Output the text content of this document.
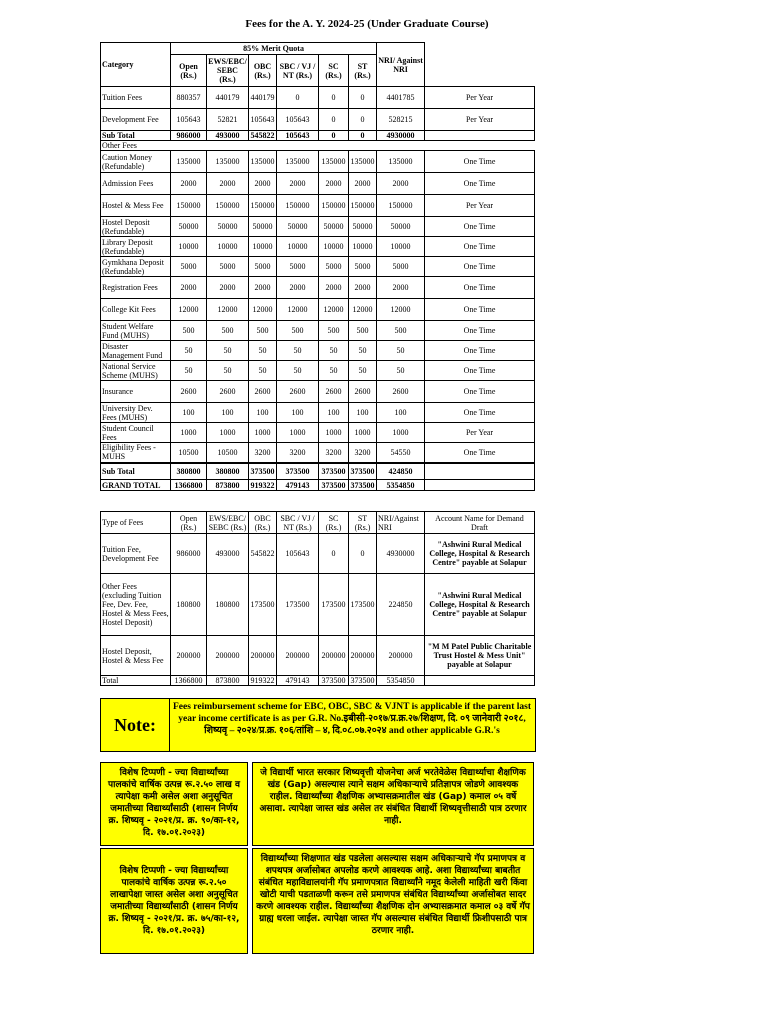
Fees for the A. Y. 2024-25 (Under Graduate Course)
Category	85% Merit Quota						NRI/ Against NRI	
	Open (Rs.)	EWS/EBC/ SEBC (Rs.)	OBC (Rs.)	SBC / VJ / NT (Rs.)	SC (Rs.)	ST (Rs.)		
Tuition Fees	880357	440179	440179	0	0	0	4401785	Per Year
Development Fee	105643	52821	105643	105643	0	0	528215	Per Year
Sub Total	986000	493000	545822	105643	0	0	4930000	
Other Fees								
Caution Money (Refundable)	135000	135000	135000	135000	135000	135000	135000	One Time
Admission Fees	2000	2000	2000	2000	2000	2000	2000	One Time
Hostel & Mess Fee	150000	150000	150000	150000	150000	150000	150000	Per Year
Hostel Deposit (Refundable)	50000	50000	50000	50000	50000	50000	50000	One Time
Library Deposit (Refundable)	10000	10000	10000	10000	10000	10000	10000	One Time
Gymkhana Deposit (Refundable)	5000	5000	5000	5000	5000	5000	5000	One Time
Registration Fees	2000	2000	2000	2000	2000	2000	2000	One Time
College Kit Fees	12000	12000	12000	12000	12000	12000	12000	One Time
Student Welfare Fund (MUHS)	500	500	500	500	500	500	500	One Time
Disaster Management Fund	50	50	50	50	50	50	50	One Time
National Service Scheme (MUHS)	50	50	50	50	50	50	50	One Time
Insurance	2600	2600	2600	2600	2600	2600	2600	One Time
University Dev. Fees (MUHS)	100	100	100	100	100	100	100	One Time
Student Council Fees	1000	1000	1000	1000	1000	1000	1000	Per Year
Eligibility Fees - MUHS	10500	10500	3200	3200	3200	3200	54550	One Time
Sub Total	380800	380800	373500	373500	373500	373500	424850	
GRAND TOTAL	1366800	873800	919322	479143	373500	373500	5354850	
Type of Fees	Open (Rs.)	EWS/EBC/ SEBC (Rs.)	OBC (Rs.)	SBC / VJ / NT (Rs.)	SC (Rs.)	ST (Rs.)	NRI/Against NRI	Account Name for Demand Draft
Tuition Fee, Development Fee	986000	493000	545822	105643	0	0	4930000	"Ashwini Rural Medical College, Hospital & Research Centre" payable at Solapur
Other Fees (excluding Tuition Fee, Dev. Fee, Hostel & Mess Fees, Hostel Deposit)	180800	180800	173500	173500	173500	173500	224850	"Ashwini Rural Medical College, Hospital & Research Centre" payable at Solapur
Hostel Deposit, Hostel & Mess Fee	200000	200000	200000	200000	200000	200000	200000	"M M Patel Public Charitable Trust Hostel & Mess Unit" payable at Solapur
Total	1366800	873800	919322	479143	373500	373500	5354850	
Note:
Fees reimbursement scheme for EBC, OBC, SBC & VJNT is applicable if the parent last year income certificate is as per G.R. No.इबीसी-२०१७/प्र.क्र.२७/शिक्षण, दि. ०९ जानेवारी २०१८, शिष्यवृ – २०२४/प्र.क्र. १०६/तांशि – ४, दि.०८.०७.२०२४ and other applicable G.R.'s
विशेष टिप्पणी - ज्या विद्यार्थ्यांच्या पालकांचे वार्षिक उत्पन्न रू.२.५० लाख व त्यापेक्षा कमी असेल अशा अनुसूचित जमातीच्या विद्यार्थ्यांसाठी (शासन निर्णय क्र. शिष्यवृ - २०२१/प्र. क्र. ९०/का-१२, दि. १७.०१.२०२३)
जे विद्यार्थी भारत सरकार शिष्यवृत्ती योजनेचा अर्ज भरतेवेळेस विद्यार्थ्याचा शैक्षणिक खंड (Gap) असल्यास त्याने सक्षम अधिकाऱ्याचे प्रतिज्ञापत्र जोडणे आवश्यक राहील. विद्यार्थ्यांच्या शैक्षणिक अभ्यासक्रमातील खंड (Gap) कमाल ०५ वर्षे असावा. त्यापेक्षा जास्त खंड असेल तर संबंधित विद्यार्थी शिष्यवृत्तीसाठी पात्र ठरणार नाही.
विशेष टिप्पणी - ज्या विद्यार्थ्यांच्या पालकांचे वार्षिक उत्पन्न रू.२.५० लाखापेक्षा जास्त असेल अशा अनुसूचित जमातीच्या विद्यार्थ्यांसाठी (शासन निर्णय क्र. शिष्यवृ - २०२१/प्र. क्र. ७५/का-१२, दि. १७.०१.२०२३)
विद्यार्थ्यांच्या शिक्षणात खंड पडलेला असल्यास सक्षम अधिकाऱ्याचे गॅप प्रमाणपत्र व शपथपत्र अर्जासोबत अपलोड करणे आवश्यक आहे. अशा विद्यार्थ्यांच्या बाबतीत संबंधित महाविद्यालयांनी गॅप प्रमाणपत्रात विद्यार्थ्यांने नमूद केलेली माहिती खरी किंवा खोटी याची पडताळणी करून तसे प्रमाणपत्र संबंधित विद्यार्थ्यांच्या अर्जासोबत सादर करणे आवश्यक राहील. विद्यार्थ्यांच्या शैक्षणिक दोन अभ्यासक्रमात कमाल ०३ वर्षे गॅप ग्राह्य धरला जाईल. त्यापेक्षा जास्त गॅप असल्यास संबंधित विद्यार्थी फ्रिशीपसाठी पात्र ठरणार नाही.
